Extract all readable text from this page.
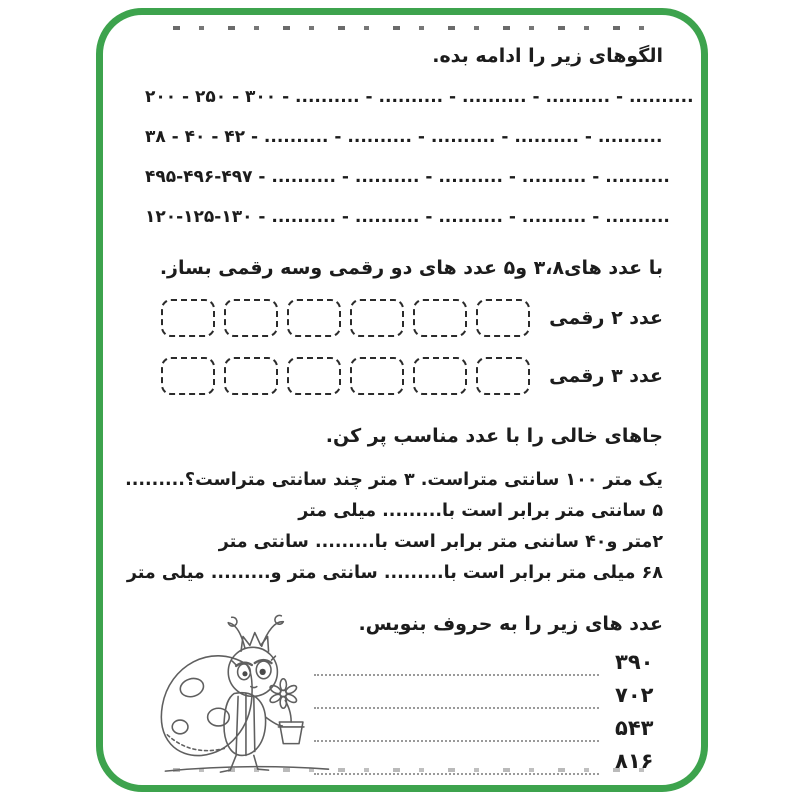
الگوهای زیر را ادامه بده.

۲۰۰ - ۲۵۰ - ۳۰۰ - .......... - .......... - .......... - .......... - ..........

۳۸ - ۴۰ - ۴۲ - .......... - .......... - .......... - .......... - ..........

۴۹۵-۴۹۶-۴۹۷ - .......... - .......... - .......... - .......... - ..........

۱۲۰-۱۲۵-۱۳۰ - .......... - .......... - .......... - .......... - ..........

با عدد های۳،۸ و۵ عدد های دو رقمی وسه رقمی بساز.

عدد ۲ رقمی
عدد ۳ رقمی

جاهای خالی را با عدد مناسب پر کن.

یک متر ۱۰۰ سانتی متراست. ۳ متر چند سانتی متراست؟.........

۵ سانتی متر برابر است با......... میلی متر

۲متر و۴۰ ساننی متر برابر است با......... سانتی متر

۶۸ میلی متر برابر است با......... سانتی متر و......... میلی متر

عدد های زیر را به حروف بنویس.

۳۹۰
۷۰۲
۵۴۳
۸۱۶
